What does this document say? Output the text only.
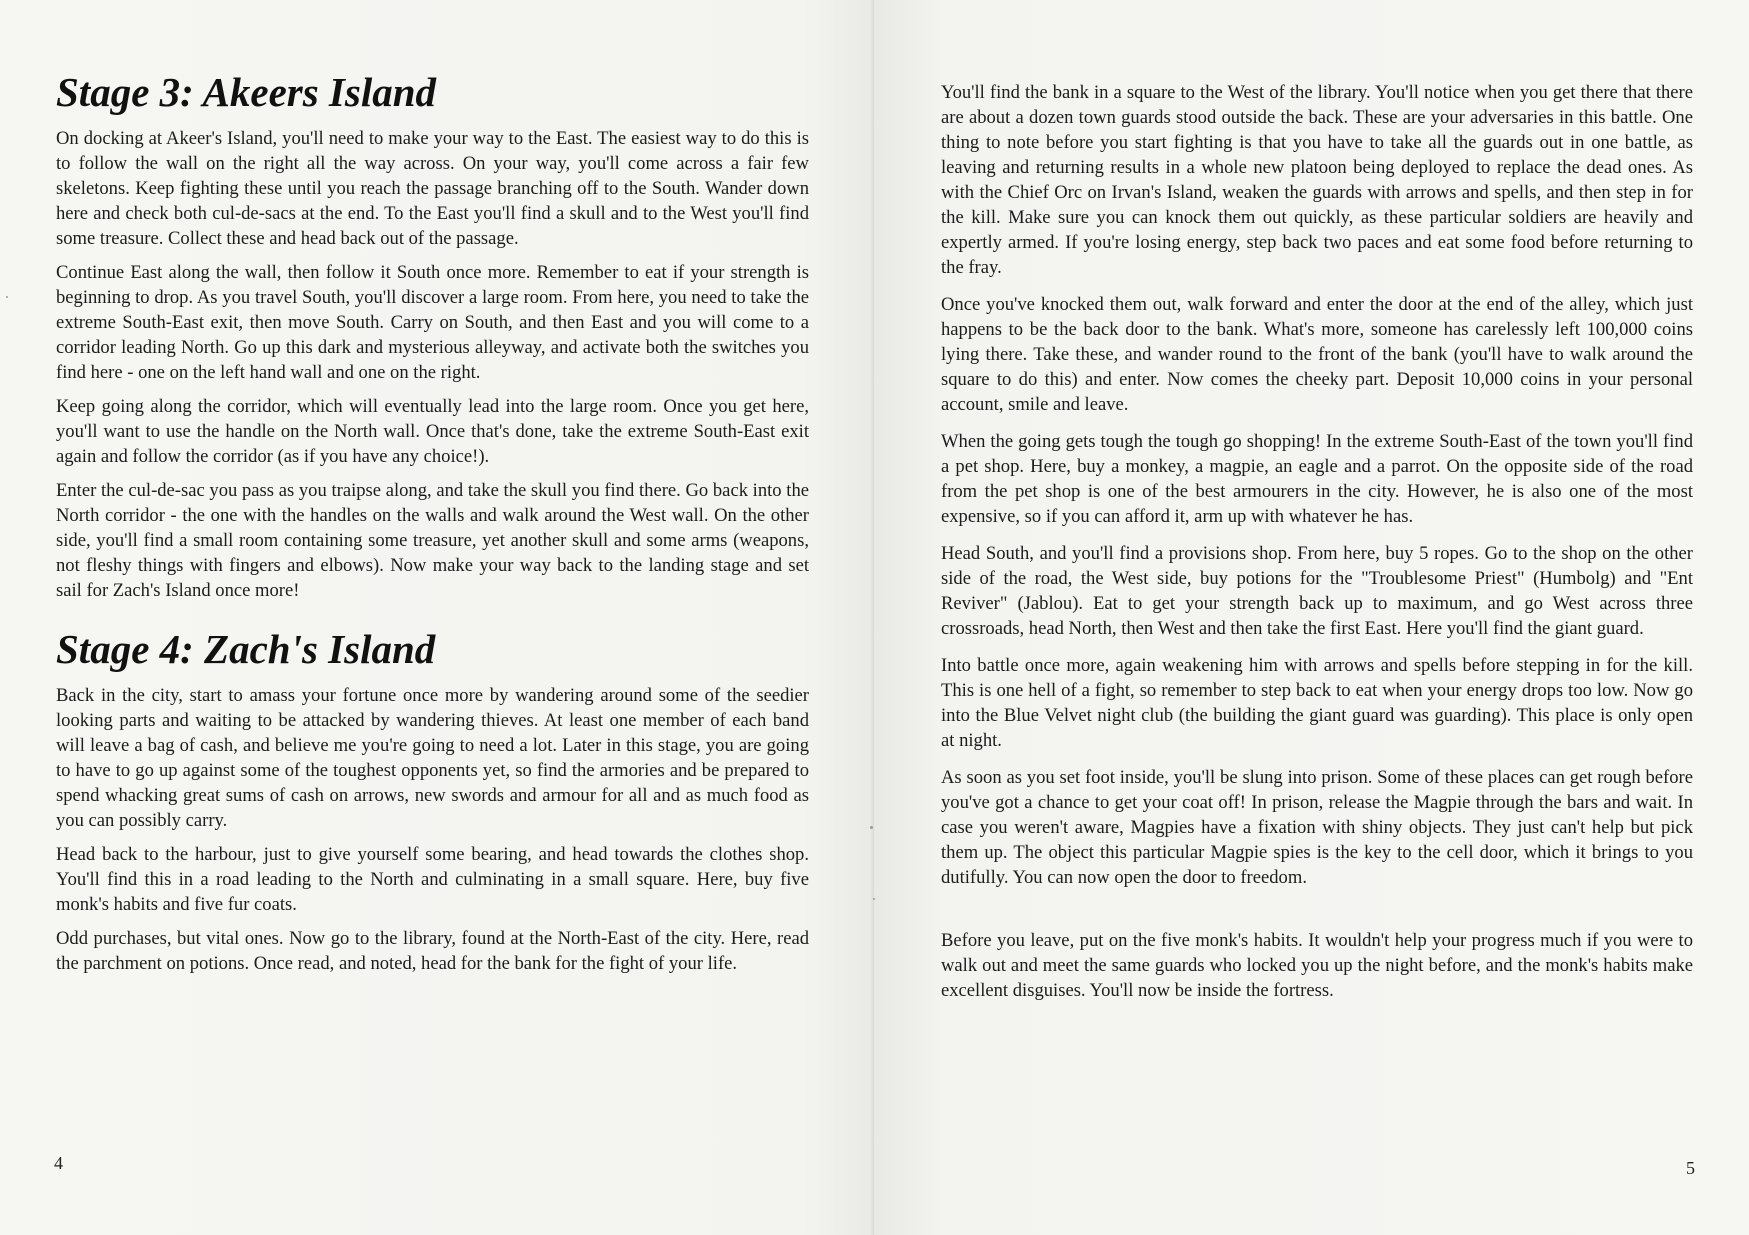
Stage 3: Akeers Island

On docking at Akeer's Island, you'll need to make your way to the East. The easiest way to do this is to follow the wall on the right all the way across. On your way, you'll come across a fair few skeletons. Keep fighting these until you reach the passage branching off to the South. Wander down here and check both cul-de-sacs at the end. To the East you'll find a skull and to the West you'll find some treasure. Collect these and head back out of the passage.

Continue East along the wall, then follow it South once more. Remember to eat if your strength is beginning to drop. As you travel South, you'll discover a large room. From here, you need to take the extreme South-East exit, then move South. Carry on South, and then East and you will come to a corridor leading North. Go up this dark and mysterious alleyway, and activate both the switches you find here - one on the left hand wall and one on the right.

Keep going along the corridor, which will eventually lead into the large room. Once you get here, you'll want to use the handle on the North wall. Once that's done, take the extreme South-East exit again and follow the corridor (as if you have any choice!).

Enter the cul-de-sac you pass as you traipse along, and take the skull you find there. Go back into the North corridor - the one with the handles on the walls and walk around the West wall. On the other side, you'll find a small room containing some treasure, yet another skull and some arms (weapons, not fleshy things with fingers and elbows). Now make your way back to the landing stage and set sail for Zach's Island once more!

Stage 4: Zach's Island

Back in the city, start to amass your fortune once more by wandering around some of the seedier looking parts and waiting to be attacked by wandering thieves. At least one member of each band will leave a bag of cash, and believe me you're going to need a lot. Later in this stage, you are going to have to go up against some of the toughest opponents yet, so find the armories and be prepared to spend whacking great sums of cash on arrows, new swords and armour for all and as much food as you can possibly carry.

Head back to the harbour, just to give yourself some bearing, and head towards the clothes shop. You'll find this in a road leading to the North and culminating in a small square. Here, buy five monk's habits and five fur coats.

Odd purchases, but vital ones. Now go to the library, found at the North-East of the city. Here, read the parchment on potions. Once read, and noted, head for the bank for the fight of your life.

4	5

You'll find the bank in a square to the West of the library. You'll notice when you get there that there are about a dozen town guards stood outside the back. These are your adversaries in this battle. One thing to note before you start fighting is that you have to take all the guards out in one battle, as leaving and returning results in a whole new platoon being deployed to replace the dead ones. As with the Chief Orc on Irvan's Island, weaken the guards with arrows and spells, and then step in for the kill. Make sure you can knock them out quickly, as these particular soldiers are heavily and expertly armed. If you're losing energy, step back two paces and eat some food before returning to the fray.

Once you've knocked them out, walk forward and enter the door at the end of the alley, which just happens to be the back door to the bank. What's more, someone has carelessly left 100,000 coins lying there. Take these, and wander round to the front of the bank (you'll have to walk around the square to do this) and enter. Now comes the cheeky part. Deposit 10,000 coins in your personal account, smile and leave.

When the going gets tough the tough go shopping! In the extreme South-East of the town you'll find a pet shop. Here, buy a monkey, a magpie, an eagle and a parrot. On the opposite side of the road from the pet shop is one of the best armourers in the city. However, he is also one of the most expensive, so if you can afford it, arm up with whatever he has.

Head South, and you'll find a provisions shop. From here, buy 5 ropes. Go to the shop on the other side of the road, the West side, buy potions for the "Troublesome Priest" (Humbolg) and "Ent Reviver" (Jablou). Eat to get your strength back up to maximum, and go West across three crossroads, head North, then West and then take the first East. Here you'll find the giant guard.

Into battle once more, again weakening him with arrows and spells before stepping in for the kill. This is one hell of a fight, so remember to step back to eat when your energy drops too low. Now go into the Blue Velvet night club (the building the giant guard was guarding). This place is only open at night.

As soon as you set foot inside, you'll be slung into prison. Some of these places can get rough before you've got a chance to get your coat off! In prison, release the Magpie through the bars and wait. In case you weren't aware, Magpies have a fixation with shiny objects. They just can't help but pick them up. The object this particular Magpie spies is the key to the cell door, which it brings to you dutifully. You can now open the door to freedom.

Before you leave, put on the five monk's habits. It wouldn't help your progress much if you were to walk out and meet the same guards who locked you up the night before, and the monk's habits make excellent disguises. You'll now be inside the fortress.
